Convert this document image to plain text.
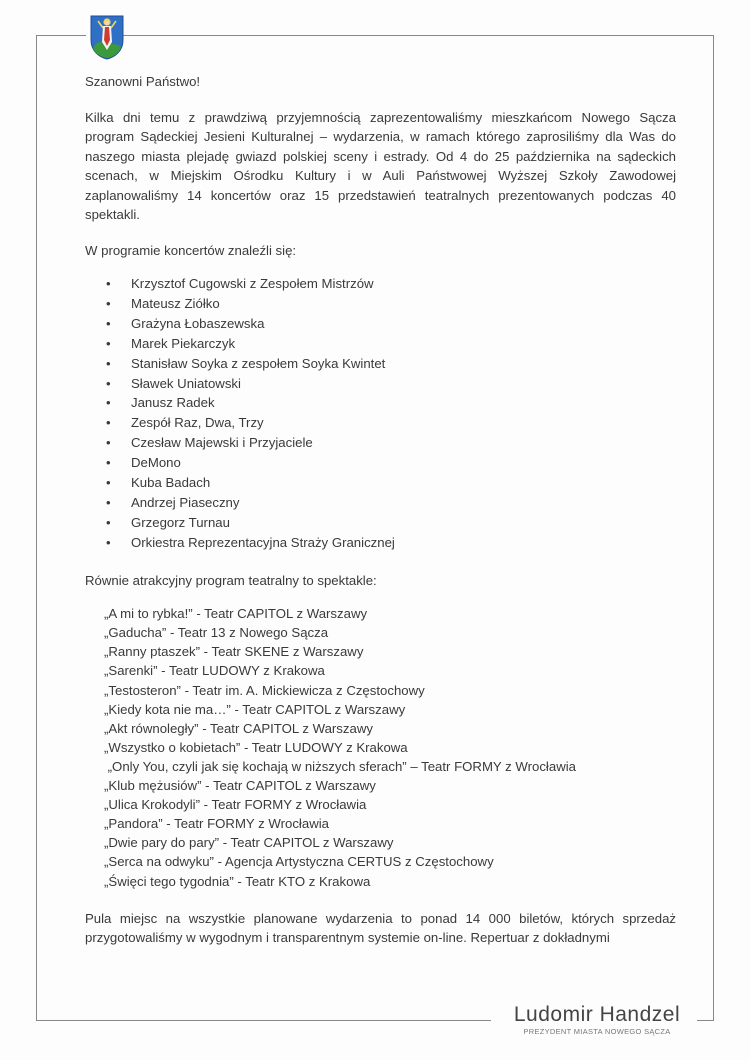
Szanowni Państwo!

Kilka dni temu z prawdziwą przyjemnością zaprezentowaliśmy mieszkańcom Nowego Sącza program Sądeckiej Jesieni Kulturalnej – wydarzenia, w ramach którego zaprosiliśmy dla Was do naszego miasta plejadę gwiazd polskiej sceny i estrady. Od 4 do 25 października na sądeckich scenach, w Miejskim Ośrodku Kultury i w Auli Państwowej Wyższej Szkoły Zawodowej zaplanowaliśmy 14 koncertów oraz 15 przedstawień teatralnych prezentowanych podczas 40 spektakli.

W programie koncertów znaleźli się:

• Krzysztof Cugowski z Zespołem Mistrzów
• Mateusz Ziółko
• Grażyna Łobaszewska
• Marek Piekarczyk
• Stanisław Soyka z zespołem Soyka Kwintet
• Sławek Uniatowski
• Janusz Radek
• Zespół Raz, Dwa, Trzy
• Czesław Majewski i Przyjaciele
• DeMono
• Kuba Badach
• Andrzej Piaseczny
• Grzegorz Turnau
• Orkiestra Reprezentacyjna Straży Granicznej

Równie atrakcyjny program teatralny to spektakle:

„A mi to rybka!” - Teatr CAPITOL z Warszawy
„Gaducha” - Teatr 13 z Nowego Sącza
„Ranny ptaszek” - Teatr SKENE z Warszawy
„Sarenki” - Teatr LUDOWY z Krakowa
„Testosteron” - Teatr im. A. Mickiewicza z Częstochowy
„Kiedy kota nie ma…” - Teatr CAPITOL z Warszawy
„Akt równoległy” - Teatr CAPITOL z Warszawy
„Wszystko o kobietach” - Teatr LUDOWY z Krakowa
„Only You, czyli jak się kochają w niższych sferach” – Teatr FORMY z Wrocławia
„Klub mężusiów” - Teatr CAPITOL z Warszawy
„Ulica Krokodyli” - Teatr FORMY z Wrocławia
„Pandora” - Teatr FORMY z Wrocławia
„Dwie pary do pary” - Teatr CAPITOL z Warszawy
„Serca na odwyku” - Agencja Artystyczna CERTUS z Częstochowy
„Święci tego tygodnia” - Teatr KTO z Krakowa

Pula miejsc na wszystkie planowane wydarzenia to ponad 14 000 biletów, których sprzedaż przygotowaliśmy w wygodnym i transparentnym systemie on-line. Repertuar z dokładnymi

Ludomir Handzel
PREZYDENT MIASTA NOWEGO SĄCZA
